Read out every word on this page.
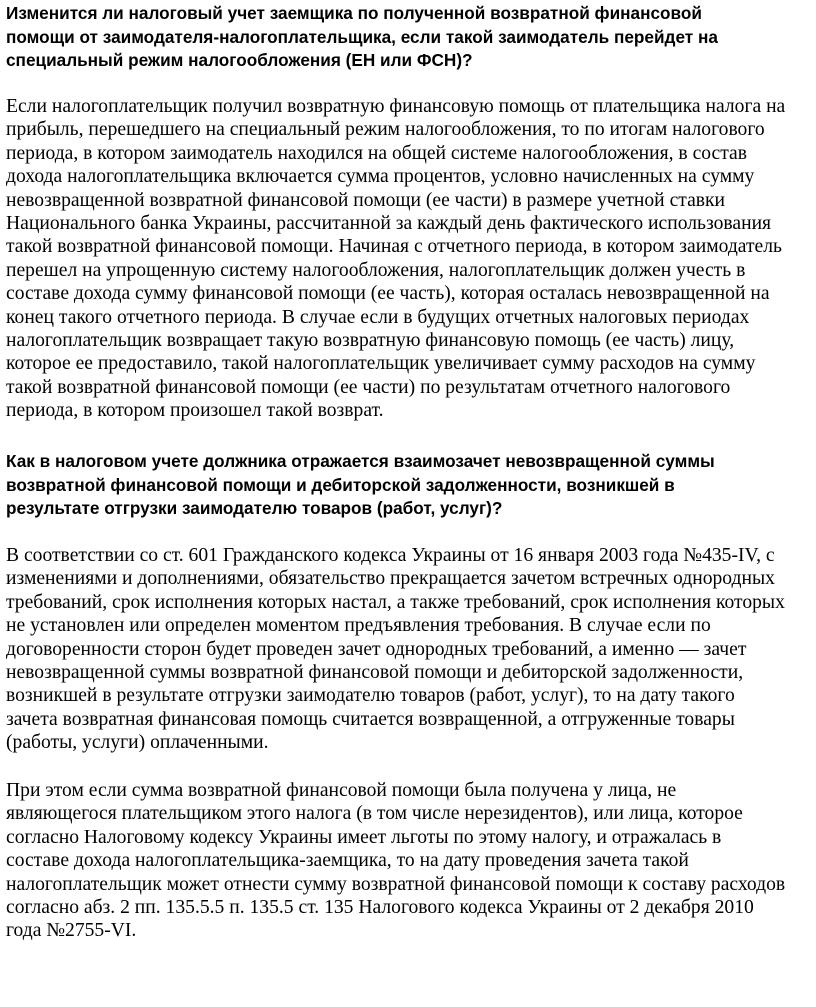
Изменится ли налоговый учет заемщика по полученной возвратной финансовой
помощи от заимодателя-налогоплательщика, если такой заимодатель перейдет на
специальный режим налогообложения (ЕН или ФСН)?
Если налогоплательщик получил возвратную финансовую помощь от плательщика налога на
прибыль, перешедшего на специальный режим налогообложения, то по итогам налогового
периода, в котором заимодатель находился на общей системе налогообложения, в состав
дохода налогоплательщика включается сумма процентов, условно начисленных на сумму
невозвращенной возвратной финансовой помощи (ее части) в размере учетной ставки
Национального банка Украины, рассчитанной за каждый день фактического использования
такой возвратной финансовой помощи. Начиная с отчетного периода, в котором заимодатель
перешел на упрощенную систему налогообложения, налогоплательщик должен учесть в
составе дохода сумму финансовой помощи (ее часть), которая осталась невозвращенной на
конец такого отчетного периода. В случае если в будущих отчетных налоговых периодах
налогоплательщик возвращает такую возвратную финансовую помощь (ее часть) лицу,
которое ее предоставило, такой налогоплательщик увеличивает сумму расходов на сумму
такой возвратной финансовой помощи (ее части) по результатам отчетного налогового
периода, в котором произошел такой возврат.
Как в налоговом учете должника отражается взаимозачет невозвращенной суммы
возвратной финансовой помощи и дебиторской задолженности, возникшей в
результате отгрузки заимодателю товаров (работ, услуг)?
В соответствии со ст. 601 Гражданского кодекса Украины от 16 января 2003 года №435-IV, с
изменениями и дополнениями, обязательство прекращается зачетом встречных однородных
требований, срок исполнения которых настал, а также требований, срок исполнения которых
не установлен или определен моментом предъявления требования. В случае если по
договоренности сторон будет проведен зачет однородных требований, а именно — зачет
невозвращенной суммы возвратной финансовой помощи и дебиторской задолженности,
возникшей в результате отгрузки заимодателю товаров (работ, услуг), то на дату такого
зачета возвратная финансовая помощь считается возвращенной, а отгруженные товары
(работы, услуги) оплаченными.
При этом если сумма возвратной финансовой помощи была получена у лица, не
являющегося плательщиком этого налога (в том числе нерезидентов), или лица, которое
согласно Налоговому кодексу Украины имеет льготы по этому налогу, и отражалась в
составе дохода налогоплательщика-заемщика, то на дату проведения зачета такой
налогоплательщик может отнести сумму возвратной финансовой помощи к составу расходов
согласно абз. 2 пп. 135.5.5 п. 135.5 ст. 135 Налогового кодекса Украины от 2 декабря 2010
года №2755-VI.
